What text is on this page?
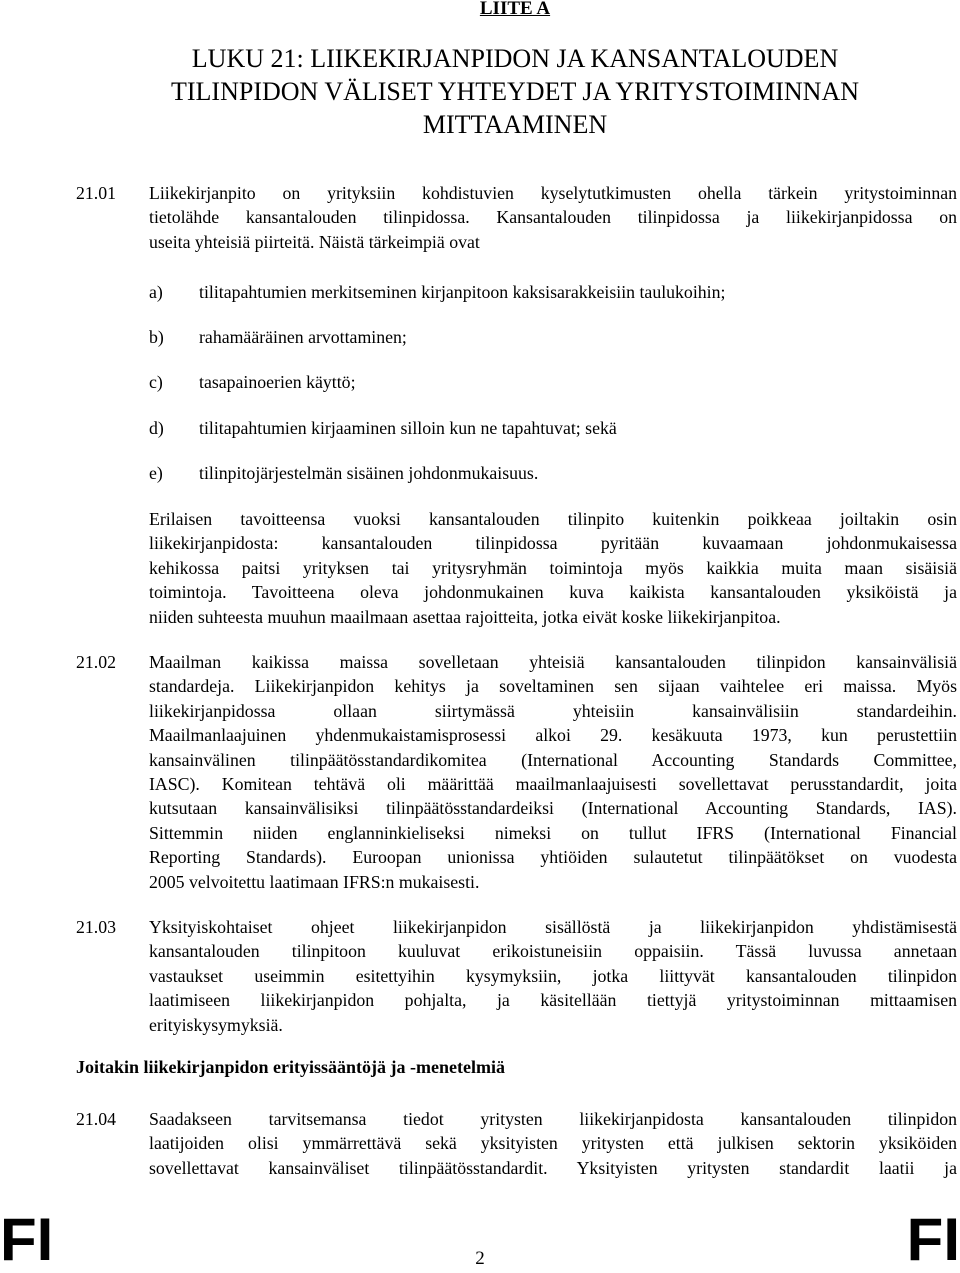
LIITE A
LUKU 21: LIIKEKIRJANPIDON JA KANSANTALOUDEN
TILINPIDON VÄLISET YHTEYDET JA YRITYSTOIMINNAN
MITTAAMINEN
21.01 Liikekirjanpito on yrityksiin kohdistuvien kyselytutkimusten ohella tärkein yritystoiminnan
tietolähde kansantalouden tilinpidossa. Kansantalouden tilinpidossa ja liikekirjanpidossa on
useita yhteisiä piirteitä. Näistä tärkeimpiä ovat
a) tilitapahtumien merkitseminen kirjanpitoon kaksisarakkeisiin taulukoihin;
b) rahamääräinen arvottaminen;
c) tasapainoerien käyttö;
d) tilitapahtumien kirjaaminen silloin kun ne tapahtuvat; sekä
e) tilinpitojärjestelmän sisäinen johdonmukaisuus.
Erilaisen tavoitteensa vuoksi kansantalouden tilinpito kuitenkin poikkeaa joiltakin osin
liikekirjanpidosta: kansantalouden tilinpidossa pyritään kuvaamaan johdonmukaisessa
kehikossa paitsi yrityksen tai yritysryhmän toimintoja myös kaikkia muita maan sisäisiä
toimintoja. Tavoitteena oleva johdonmukainen kuva kaikista kansantalouden yksiköistä ja
niiden suhteesta muuhun maailmaan asettaa rajoitteita, jotka eivät koske liikekirjanpitoa.
21.02 Maailman kaikissa maissa sovelletaan yhteisiä kansantalouden tilinpidon kansainvälisiä
standardeja. Liikekirjanpidon kehitys ja soveltaminen sen sijaan vaihtelee eri maissa. Myös
liikekirjanpidossa ollaan siirtymässä yhteisiin kansainvälisiin standardeihin.
Maailmanlaajuinen yhdenmukaistamisprosessi alkoi 29. kesäkuuta 1973, kun perustettiin
kansainvälinen tilinpäätösstandardikomitea (International Accounting Standards Committee,
IASC). Komitean tehtävä oli määrittää maailmanlaajuisesti sovellettavat perusstandardit, joita
kutsutaan kansainvälisiksi tilinpäätösstandardeiksi (International Accounting Standards, IAS).
Sittemmin niiden englanninkieliseksi nimeksi on tullut IFRS (International Financial
Reporting Standards). Euroopan unionissa yhtiöiden sulautetut tilinpäätökset on vuodesta
2005 velvoitettu laatimaan IFRS:n mukaisesti.
21.03 Yksityiskohtaiset ohjeet liikekirjanpidon sisällöstä ja liikekirjanpidon yhdistämisestä
kansantalouden tilinpitoon kuuluvat erikoistuneisiin oppaisiin. Tässä luvussa annetaan
vastaukset useimmin esitettyihin kysymyksiin, jotka liittyvät kansantalouden tilinpidon
laatimiseen liikekirjanpidon pohjalta, ja käsitellään tiettyjä yritystoiminnan mittaamisen
erityiskysymyksiä.
Joitakin liikekirjanpidon erityissääntöjä ja -menetelmiä
21.04 Saadakseen tarvitsemansa tiedot yritysten liikekirjanpidosta kansantalouden tilinpidon
laatijoiden olisi ymmärrettävä sekä yksityisten yritysten että julkisen sektorin yksiköiden
sovellettavat kansainväliset tilinpäätösstandardit. Yksityisten yritysten standardit laatii ja
FI	2	FI
